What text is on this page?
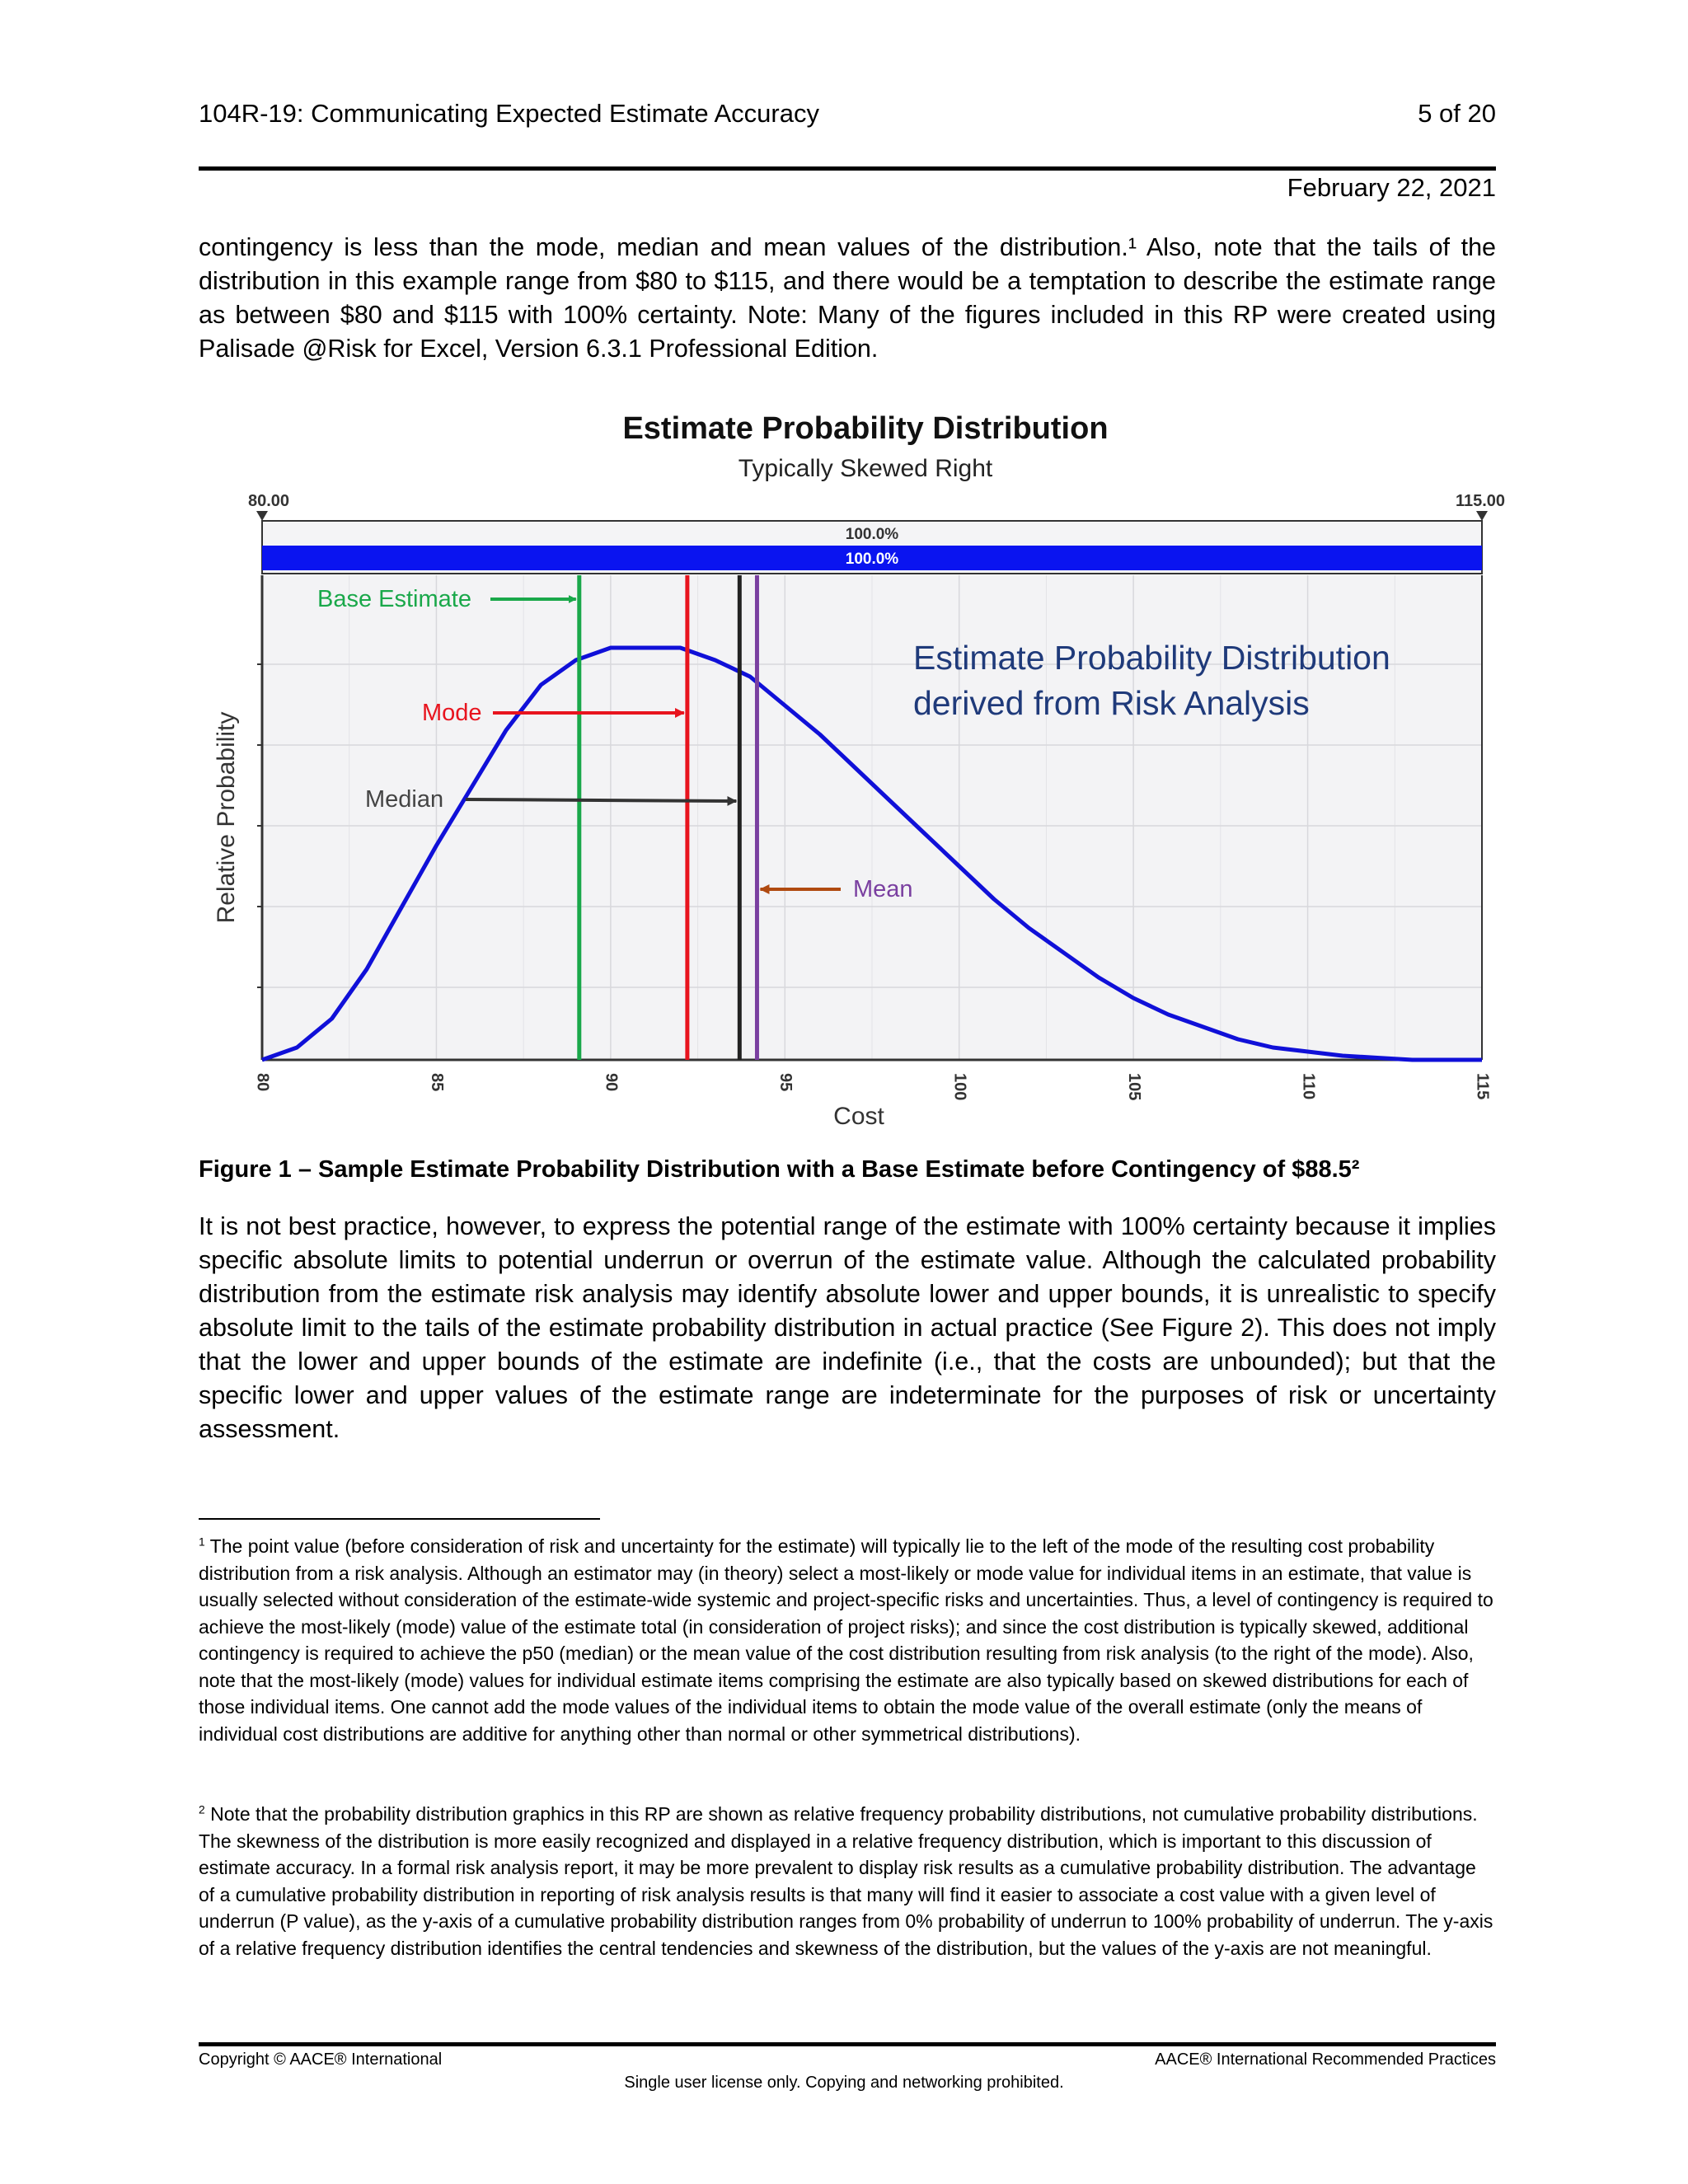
104R-19: Communicating Expected Estimate Accuracy	5 of 20
February 22, 2021
contingency is less than the mode, median and mean values of the distribution.¹ Also, note that the tails of the distribution in this example range from $80 to $115, and there would be a temptation to describe the estimate range as between $80 and $115 with 100% certainty. Note: Many of the figures included in this RP were created using Palisade @Risk for Excel, Version 6.3.1 Professional Edition.
Estimate Probability Distribution
Typically Skewed Right
80.00	115.00
100.0%
100.0%
80	85	90	95	100	105	110	115
Cost
Relative Probability
Base Estimate
Mode
Median
Mean
Estimate Probability Distribution
derived from Risk Analysis
Figure 1 – Sample Estimate Probability Distribution with a Base Estimate before Contingency of $88.5²
It is not best practice, however, to express the potential range of the estimate with 100% certainty because it implies specific absolute limits to potential underrun or overrun of the estimate value. Although the calculated probability distribution from the estimate risk analysis may identify absolute lower and upper bounds, it is unrealistic to specify absolute limit to the tails of the estimate probability distribution in actual practice (See Figure 2). This does not imply that the lower and upper bounds of the estimate are indefinite (i.e., that the costs are unbounded); but that the specific lower and upper values of the estimate range are indeterminate for the purposes of risk or uncertainty assessment.
$^1$ The point value (before consideration of risk and uncertainty for the estimate) will typically lie to the left of the mode of the resulting cost probability distribution from a risk analysis. Although an estimator may (in theory) select a most-likely or mode value for individual items in an estimate, that value is usually selected without consideration of the estimate-wide systemic and project-specific risks and uncertainties. Thus, a level of contingency is required to achieve the most-likely (mode) value of the estimate total (in consideration of project risks); and since the cost distribution is typically skewed, additional contingency is required to achieve the p50 (median) or the mean value of the cost distribution resulting from risk analysis (to the right of the mode). Also, note that the most-likely (mode) values for individual estimate items comprising the estimate are also typically based on skewed distributions for each of those individual items. One cannot add the mode values of the individual items to obtain the mode value of the overall estimate (only the means of individual cost distributions are additive for anything other than normal or other symmetrical distributions).
$^2$ Note that the probability distribution graphics in this RP are shown as relative frequency probability distributions, not cumulative probability distributions. The skewness of the distribution is more easily recognized and displayed in a relative frequency distribution, which is important to this discussion of estimate accuracy. In a formal risk analysis report, it may be more prevalent to display risk results as a cumulative probability distribution. The advantage of a cumulative probability distribution in reporting of risk analysis results is that many will find it easier to associate a cost value with a given level of underrun (P value), as the y-axis of a cumulative probability distribution ranges from 0% probability of underrun to 100% probability of underrun. The y-axis of a relative frequency distribution identifies the central tendencies and skewness of the distribution, but the values of the y-axis are not meaningful.
Copyright © AACE® International	AACE® International Recommended Practices
Single user license only. Copying and networking prohibited.
